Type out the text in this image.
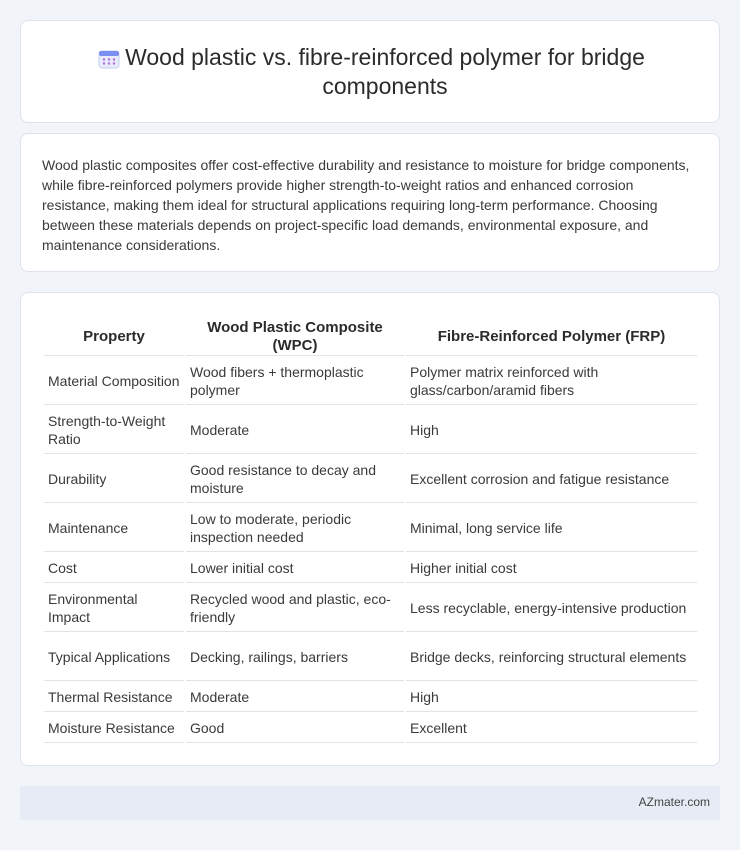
Wood plastic vs. fibre-reinforced polymer for bridge components

Wood plastic composites offer cost-effective durability and resistance to moisture for bridge components, while fibre-reinforced polymers provide higher strength-to-weight ratios and enhanced corrosion resistance, making them ideal for structural applications requiring long-term performance. Choosing between these materials depends on project-specific load demands, environmental exposure, and maintenance considerations.

Property	Wood Plastic Composite (WPC)	Fibre-Reinforced Polymer (FRP)
Material Composition	Wood fibers + thermoplastic polymer	Polymer matrix reinforced with glass/carbon/aramid fibers
Strength-to-Weight Ratio	Moderate	High
Durability	Good resistance to decay and moisture	Excellent corrosion and fatigue resistance
Maintenance	Low to moderate, periodic inspection needed	Minimal, long service life
Cost	Lower initial cost	Higher initial cost
Environmental Impact	Recycled wood and plastic, eco-friendly	Less recyclable, energy-intensive production
Typical Applications	Decking, railings, barriers	Bridge decks, reinforcing structural elements
Thermal Resistance	Moderate	High
Moisture Resistance	Good	Excellent
AZmater.com
